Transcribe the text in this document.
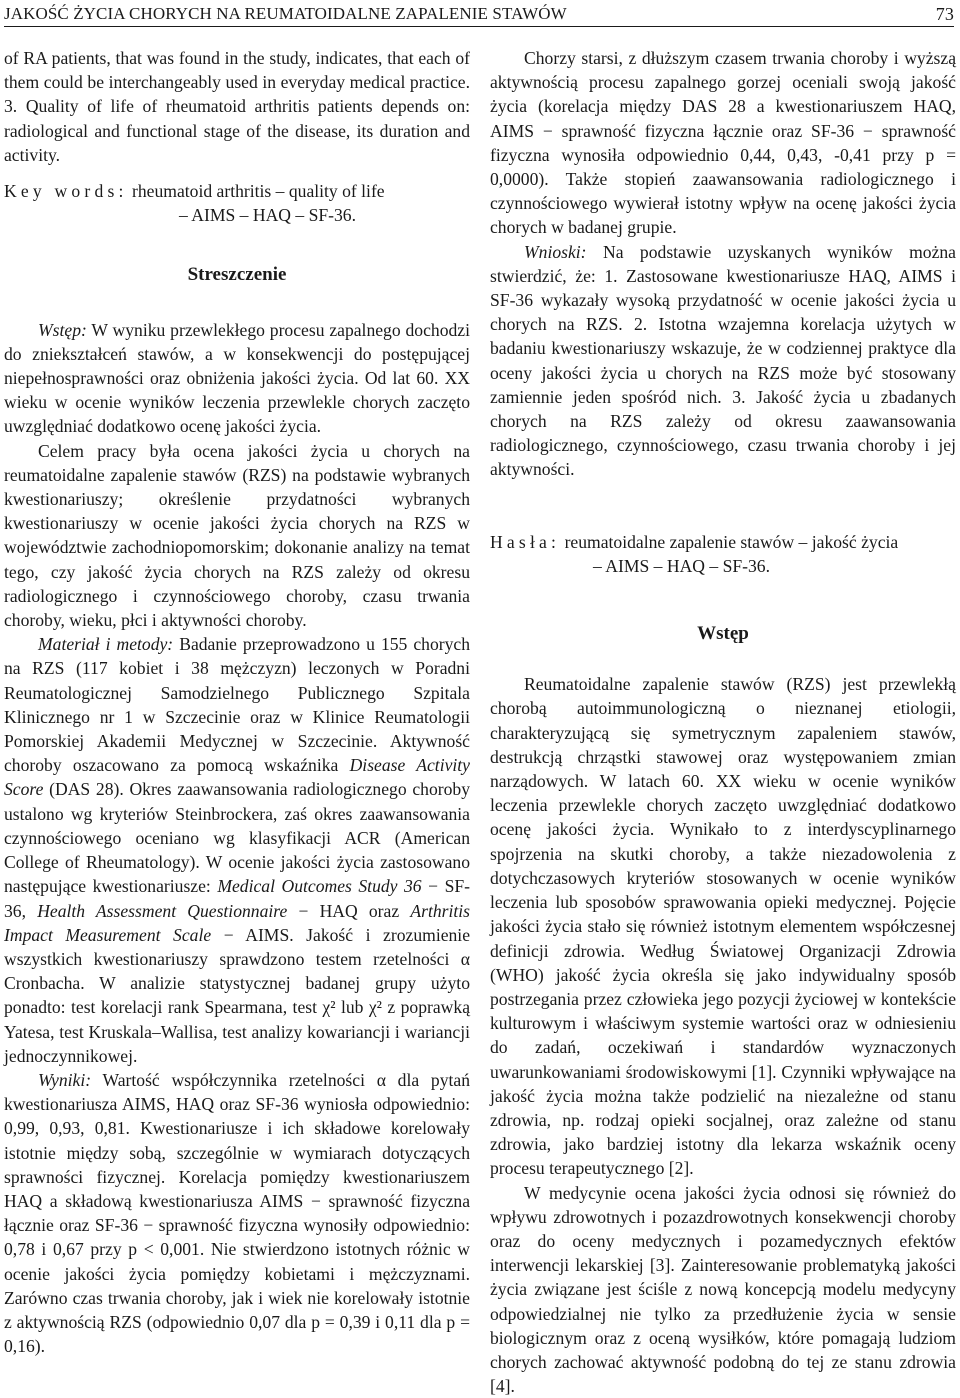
JAKOŚĆ ŻYCIA CHORYCH NA REUMATOIDALNE ZAPALENIE STAWÓW	73

of RA patients, that was found in the study, indicates, that each of them could be interchangeably used in everyday medical practice. 3. Quality of life of rheumatoid arthritis patients depends on: radiological and functional stage of the disease, its duration and activity.

Key words: rheumatoid arthritis – quality of life
– AIMS – HAQ – SF-36.
Streszczenie

Wstęp: W wyniku przewlekłego procesu zapalnego dochodzi do zniekształceń stawów, a w konsekwencji do postępującej niepełnosprawności oraz obniżenia jakości życia. Od lat 60. XX wieku w ocenie wyników leczenia przewlekle chorych zaczęto uwzględniać dodatkowo ocenę jakości życia.

Celem pracy była ocena jakości życia u chorych na reumatoidalne zapalenie stawów (RZS) na podstawie wybranych kwestionariuszy; określenie przydatności wybranych kwestionariuszy w ocenie jakości życia chorych na RZS w województwie zachodniopomorskim; dokonanie analizy na temat tego, czy jakość życia chorych na RZS zależy od okresu radiologicznego i czynnościowego choroby, czasu trwania choroby, wieku, płci i aktywności choroby.

Materiał i metody: Badanie przeprowadzono u 155 chorych na RZS (117 kobiet i 38 mężczyzn) leczonych w Poradni Reumatologicznej Samodzielnego Publicznego Szpitala Klinicznego nr 1 w Szczecinie oraz w Klinice Reumatologii Pomorskiej Akademii Medycznej w Szczecinie. Aktywność choroby oszacowano za pomocą wskaźnika Disease Activity Score (DAS 28). Okres zaawansowania radiologicznego choroby ustalono wg kryteriów Steinbrockera, zaś okres zaawansowania czynnościowego oceniano wg klasyfikacji ACR (American College of Rheumatology). W ocenie jakości życia zastosowano następujące kwestionariusze: Medical Outcomes Study 36 − SF-36, Health Assessment Questionnaire − HAQ oraz Arthritis Impact Measurement Scale − AIMS. Jakość i zrozumienie wszystkich kwestionariuszy sprawdzono testem rzetelności α Cronbacha. W analizie statystycznej badanej grupy użyto ponadto: test korelacji rank Spearmana, test χ² lub χ² z poprawką Yatesa, test Kruskala–Wallisa, test analizy kowariancji i wariancji jednoczynnikowej.

Wyniki: Wartość współczynnika rzetelności α dla pytań kwestionariusza AIMS, HAQ oraz SF-36 wyniosła odpowiednio: 0,99, 0,93, 0,81. Kwestionariusze i ich składowe korelowały istotnie między sobą, szczególnie w wymiarach dotyczących sprawności fizycznej. Korelacja pomiędzy kwestionariuszem HAQ a składową kwestionariusza AIMS − sprawność fizyczna łącznie oraz SF-36 − sprawność fizyczna wynosiły odpowiednio: 0,78 i 0,67 przy p < 0,001. Nie stwierdzono istotnych różnic w ocenie jakości życia pomiędzy kobietami i mężczyznami. Zarówno czas trwania choroby, jak i wiek nie korelowały istotnie z aktywnością RZS (odpowiednio 0,07 dla p = 0,39 i 0,11 dla p = 0,16).

Chorzy starsi, z dłuższym czasem trwania choroby i wyższą aktywnością procesu zapalnego gorzej oceniali swoją jakość życia (korelacja między DAS 28 a kwestionariuszem HAQ, AIMS − sprawność fizyczna łącznie oraz SF-36 − sprawność fizyczna wynosiła odpowiednio 0,44, 0,43, -0,41 przy p = 0,0000). Także stopień zaawansowania radiologicznego i czynnościowego wywierał istotny wpływ na ocenę jakości życia chorych w badanej grupie.

Wnioski: Na podstawie uzyskanych wyników można stwierdzić, że: 1. Zastosowane kwestionariusze HAQ, AIMS i SF-36 wykazały wysoką przydatność w ocenie jakości życia u chorych na RZS. 2. Istotna wzajemna korelacja użytych w badaniu kwestionariuszy wskazuje, że w codziennej praktyce dla oceny jakości życia u chorych na RZS może być stosowany zamiennie jeden spośród nich. 3. Jakość życia u zbadanych chorych na RZS zależy od okresu zaawansowania radiologicznego, czynnościowego, czasu trwania choroby i jej aktywności.

Hasła: reumatoidalne zapalenie stawów – jakość życia
– AIMS – HAQ – SF-36.
Wstęp

Reumatoidalne zapalenie stawów (RZS) jest przewlekłą chorobą autoimmunologiczną o nieznanej etiologii, charakteryzującą się symetrycznym zapaleniem stawów, destrukcją chrząstki stawowej oraz występowaniem zmian narządowych. W latach 60. XX wieku w ocenie wyników leczenia przewlekle chorych zaczęto uwzględniać dodatkowo ocenę jakości życia. Wynikało to z interdyscyplinarnego spojrzenia na skutki choroby, a także niezadowolenia z dotychczasowych kryteriów stosowanych w ocenie wyników leczenia lub sposobów sprawowania opieki medycznej. Pojęcie jakości życia stało się również istotnym elementem współczesnej definicji zdrowia. Według Światowej Organizacji Zdrowia (WHO) jakość życia określa się jako indywidualny sposób postrzegania przez człowieka jego pozycji życiowej w kontekście kulturowym i właściwym systemie wartości oraz w odniesieniu do zadań, oczekiwań i standardów wyznaczonych uwarunkowaniami środowiskowymi [1]. Czynniki wpływające na jakość życia można także podzielić na niezależne od stanu zdrowia, np. rodzaj opieki socjalnej, oraz zależne od stanu zdrowia, jako bardziej istotny dla lekarza wskaźnik oceny procesu terapeutycznego [2].

W medycynie ocena jakości życia odnosi się również do wpływu zdrowotnych i pozazdrowotnych konsekwencji choroby oraz do oceny medycznych i pozamedycznych efektów interwencji lekarskiej [3]. Zainteresowanie problematyką jakości życia związane jest ściśle z nową koncepcją modelu medycyny odpowiedzialnej nie tylko za przedłużenie życia w sensie biologicznym oraz z oceną wysiłków, które pomagają ludziom chorych zachować aktywność podobną do tej ze stanu zdrowia [4].
